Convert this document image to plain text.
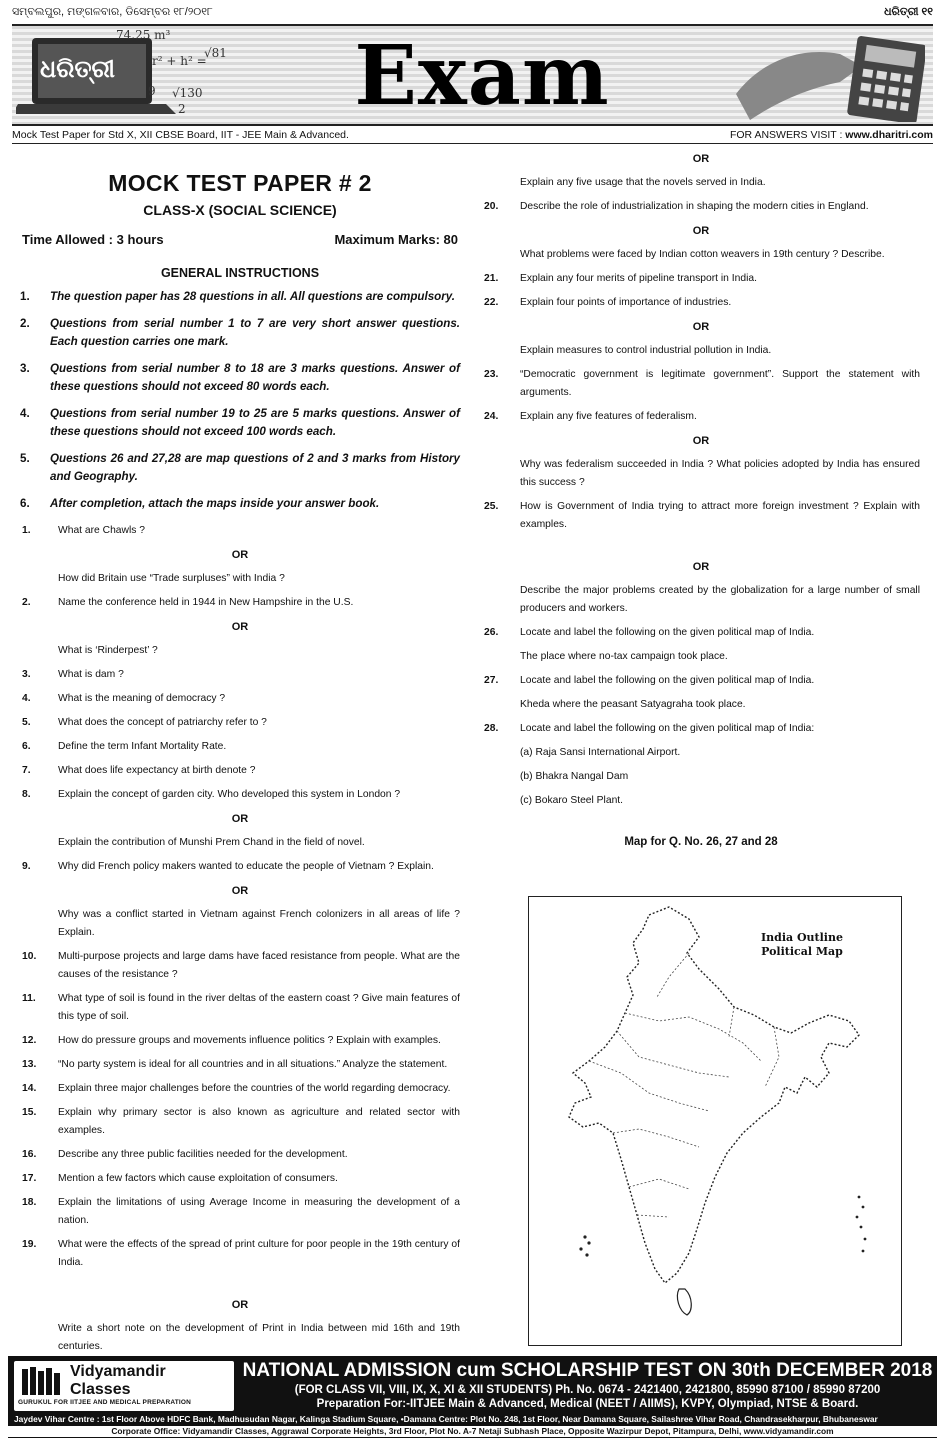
ସମ୍ବଲପୁର, ମଙ୍ଗଳବାର, ଡିସେମ୍ବର ୧୮/୨୦୧୮	ଧରିତ୍ରୀ ୧୧
ଧରିତ୍ରୀ
74.25 m³
r² + h² =
√81
9 √130
2	Exam
Mock Test Paper for Std X, XII CBSE Board, IIT - JEE Main & Advanced.	FOR ANSWERS VISIT : www.dharitri.com
MOCK TEST PAPER # 2
CLASS-X (SOCIAL SCIENCE)
Time Allowed : 3 hours	Maximum Marks: 80
GENERAL INSTRUCTIONS
1.	The question paper has 28 questions in all. All questions are compulsory.
2.	Questions from serial number 1 to 7 are very short answer questions. Each question carries one mark.
3.	Questions from serial number 8 to 18 are 3 marks questions. Answer of these questions should not exceed 80 words each.
4.	Questions from serial number 19 to 25 are 5 marks questions. Answer of these questions should not exceed 100 words each.
5.	Questions 26 and 27,28 are map questions of 2 and 3 marks from History and Geography.
6.	After completion, attach the maps inside your answer book.
1.	What are Chawls ?
OR
How did Britain use “Trade surpluses” with India ?
2.	Name the conference held in 1944 in New Hampshire in the U.S.
OR
What is ‘Rinderpest’ ?
3.	What is dam ?
4.	What is the meaning of democracy ?
5.	What does the concept of patriarchy refer to ?
6.	Define the term Infant Mortality Rate.
7.	What does life expectancy at birth denote ?
8.	Explain the concept of garden city. Who developed this system in London ?
OR
Explain the contribution of Munshi Prem Chand in the field of novel.
9.	Why did French policy makers wanted to educate the people of Vietnam ? Explain.
OR
Why was a conflict started in Vietnam against French colonizers in all areas of life ? Explain.
10.	Multi-purpose projects and large dams have faced resistance from people. What are the causes of the resistance ?
11.	What type of soil is found in the river deltas of the eastern coast ? Give main features of this type of soil.
12.	How do pressure groups and movements influence politics ? Explain with examples.
13.	“No party system is ideal for all countries and in all situations.” Analyze the statement.
14.	Explain three major challenges before the countries of the world regarding democracy.
15.	Explain why primary sector is also known as agriculture and related sector with examples.
16.	Describe any three public facilities needed for the development.
17.	Mention a few factors which cause exploitation of consumers.
18.	Explain the limitations of using Average Income in measuring the development of a nation.
19.	What were the effects of the spread of print culture for poor people in the 19th century of India.
OR
Write a short note on the development of Print in India between mid 16th and 19th centuries.
OR
Explain any five usage that the novels served in India.
20.	Describe the role of industrialization in shaping the modern cities in England.
OR
What problems were faced by Indian cotton weavers in 19th century ? Describe.
21.	Explain any four merits of pipeline transport in India.
22.	Explain four points of importance of industries.
OR
Explain measures to control industrial pollution in India.
23.	“Democratic government is legitimate government”. Support the statement with arguments.
24.	Explain any five features of federalism.
OR
Why was federalism succeeded in India ? What policies adopted by India has ensured this success ?
25.	How is Government of India trying to attract more foreign investment ? Explain with examples.
OR
Describe the major problems created by the globalization for a large number of small producers and workers.
26.	Locate and label the following on the given political map of India.
The place where no-tax campaign took place.
27.	Locate and label the following on the given political map of India.
Kheda where the peasant Satyagraha took place.
28.	Locate and label the following on the given political map of India:
(a) Raja Sansi International Airport.
(b) Bhakra Nangal Dam
(c) Bokaro Steel Plant.
Map for Q. No. 26, 27 and 28
India Outline
Political Map
Vidyamandir
Classes
GURUKUL FOR IITJEE AND MEDICAL PREPARATION
NATIONAL ADMISSION cum SCHOLARSHIP TEST ON 30th DECEMBER 2018
(FOR CLASS VII, VIII, IX, X, XI & XII STUDENTS) Ph. No. 0674 - 2421400, 2421800, 85990 87100 / 85990 87200
Preparation For:-IITJEE Main & Advanced, Medical (NEET / AIIMS), KVPY, Olympiad, NTSE & Board.
Jaydev Vihar Centre : 1st Floor Above HDFC Bank, Madhusudan Nagar, Kalinga Stadium Square, •Damana Centre: Plot No. 248, 1st Floor, Near Damana Square, Sailashree Vihar Road, Chandrasekharpur, Bhubaneswar
Corporate Office: Vidyamandir Classes, Aggrawal Corporate Heights, 3rd Floor, Plot No. A-7 Netaji Subhash Place, Opposite Wazirpur Depot, Pitampura, Delhi, www.vidyamandir.com
